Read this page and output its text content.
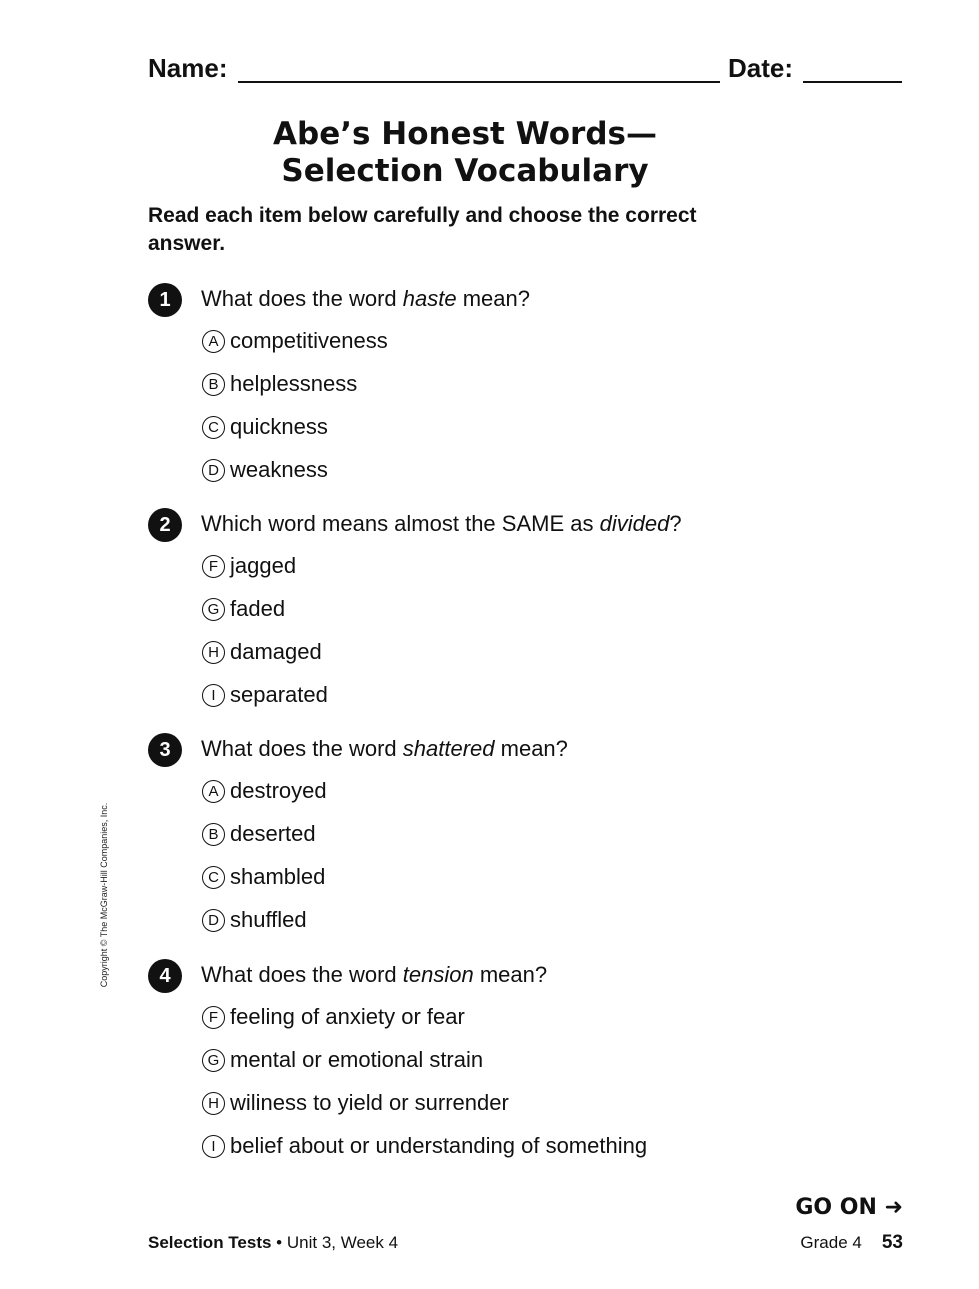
Name:	Date:
Abe’s Honest Words—
Selection Vocabulary
Read each item below carefully and choose the correct answer.
1	What does the word haste mean?
A competitiveness
B helplessness
C quickness
D weakness
2	Which word means almost the SAME as divided?
F jagged
G faded
H damaged
I separated
3	What does the word shattered mean?
A destroyed
B deserted
C shambled
D shuffled
4	What does the word tension mean?
F feeling of anxiety or fear
G mental or emotional strain
H wiliness to yield or surrender
I belief about or understanding of something
Copyright © The McGraw-Hill Companies, Inc.
GO ON ➜
Selection Tests • Unit 3, Week 4	Grade 4 53
